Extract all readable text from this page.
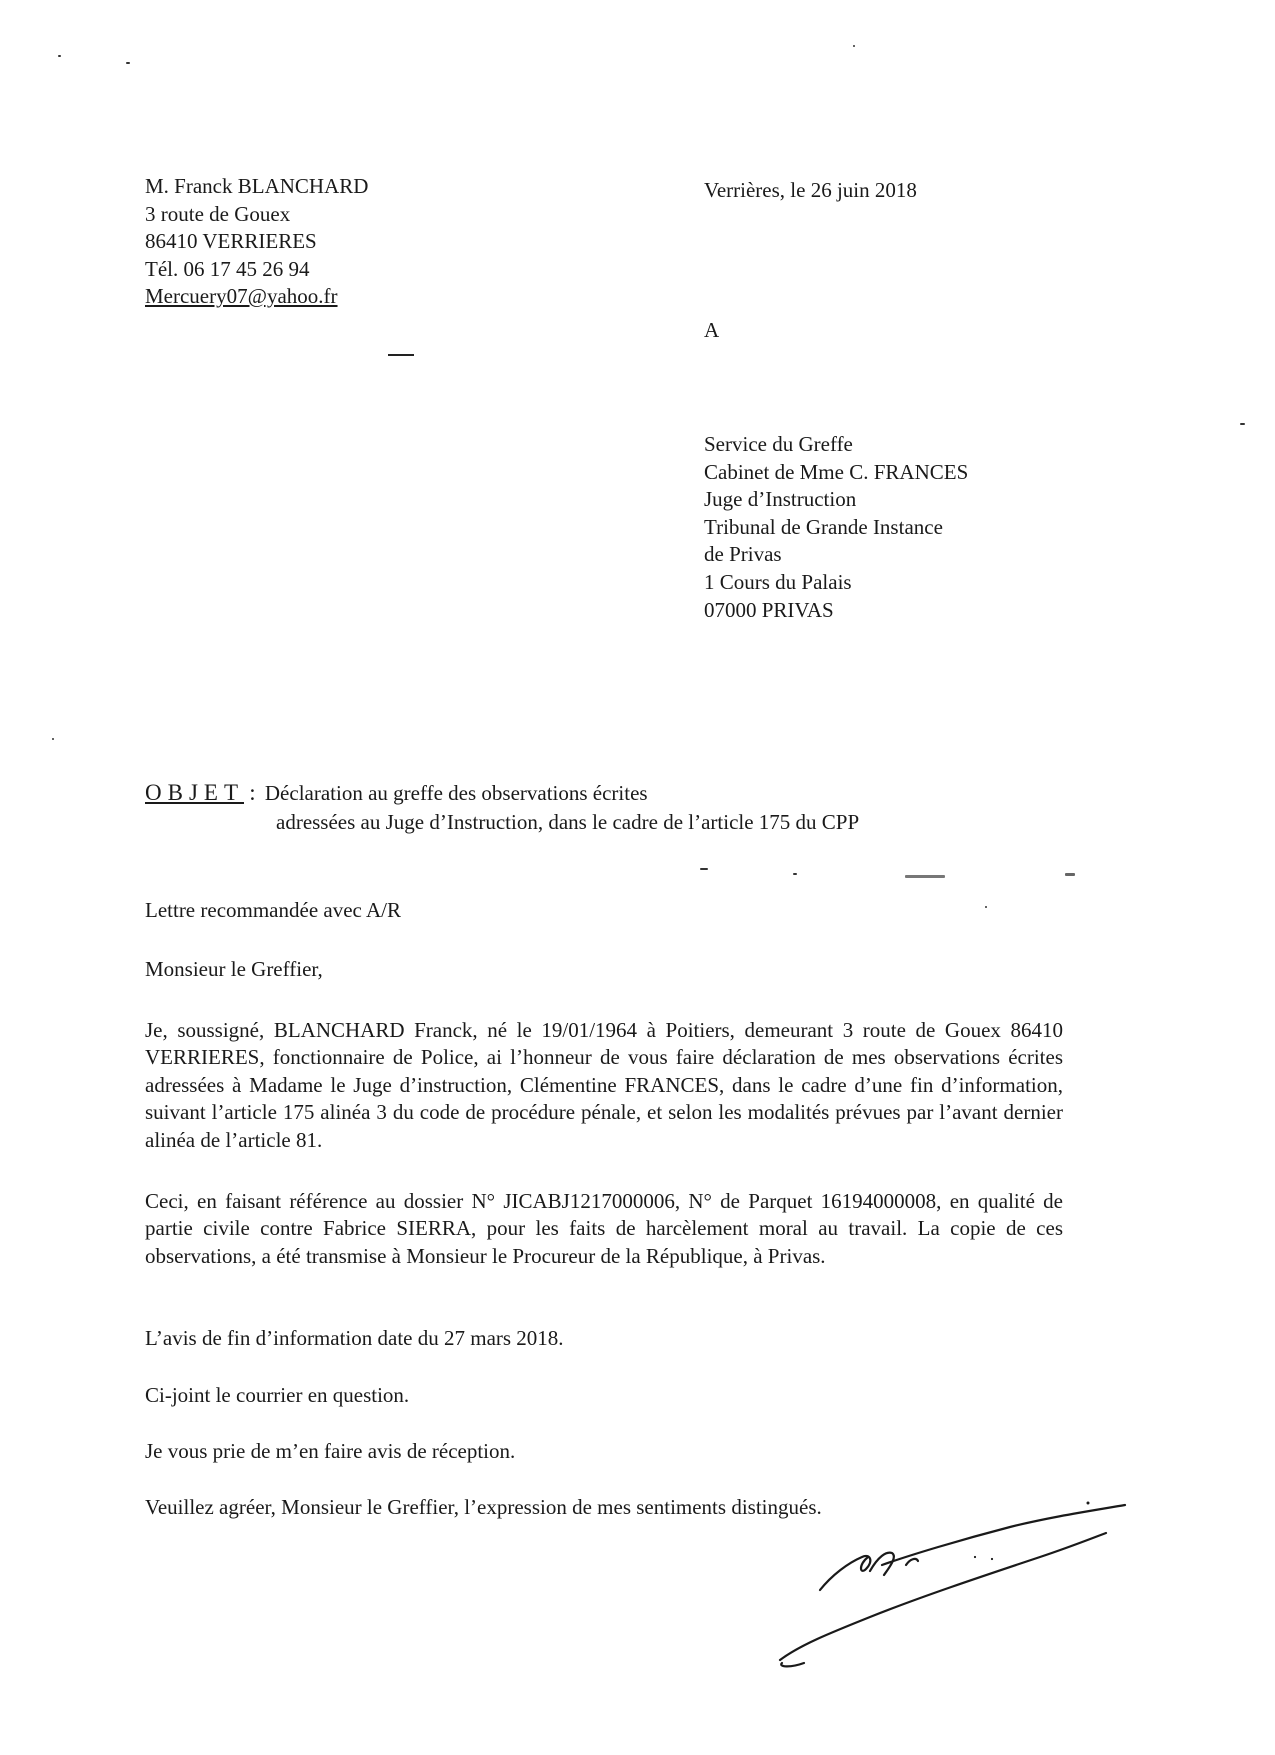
M. Franck BLANCHARD
3 route de Gouex
86410 VERRIERES
Tél. 06 17 45 26 94
Mercuery07@yahoo.fr
Verrières, le 26 juin 2018
A
Service du Greffe
Cabinet de Mme C. FRANCES
Juge d’Instruction
Tribunal de Grande Instance
de Privas
1 Cours du Palais
07000 PRIVAS
OBJET : Déclaration au greffe des observations écrites
adressées au Juge d’Instruction, dans le cadre de l’article 175 du CPP
Lettre recommandée avec A/R
Monsieur le Greffier,
Je, soussigné, BLANCHARD Franck, né le 19/01/1964 à Poitiers, demeurant 3 route de Gouex 86410 VERRIERES, fonctionnaire de Police, ai l’honneur de vous faire déclaration de mes observations écrites adressées à Madame le Juge d’instruction, Clémentine FRANCES, dans le cadre d’une fin d’information, suivant l’article 175 alinéa 3 du code de procédure pénale, et selon les modalités prévues par l’avant dernier alinéa de l’article 81.
Ceci, en faisant référence au dossier N° JICABJ1217000006, N° de Parquet 16194000008, en qualité de partie civile contre Fabrice SIERRA, pour les faits de harcèlement moral au travail. La copie de ces observations, a été transmise à Monsieur le Procureur de la République, à Privas.
L’avis de fin d’information date du 27 mars 2018.
Ci-joint le courrier en question.
Je vous prie de m’en faire avis de réception.
Veuillez agréer, Monsieur le Greffier, l’expression de mes sentiments distingués.
